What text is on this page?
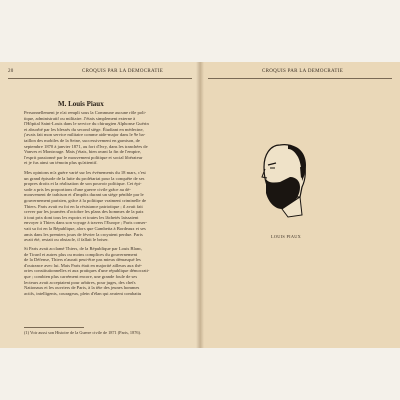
20	CROQUIS PAR LA DEMOCRATIE
M. Louis Piaux
Personnellement je n'ai rempli sous la Commune aucune rôle poli-
tique, administratif ou militaire. J'étais simplement externe à
l'Hôpital Saint-Louis dans le service du chirurgien Alphonse Guérin
et absorbé par les blessés du second siège. Étudiant en médecine,
j'avais fait mon service militaire comme aide-major dans le 9e ba-
taillon des mobiles de la Seine, successivement en garnison, de
septembre 1870 à janvier 1871, au fort d'Ivry, dans les tranchées de
Vanves et Montrouge. Mais j'étais, bien avant la fin de l'empire,
l'esprit passionné par le mouvement politique et social libérateur
et je fus ainsi un témoin plus qu'attentif.
Mes opinions m'a guère varié sur les événements du 18 mars, c'est
un grand épisode de la lutte du prolétariat pour la conquête de ses
propres droits et la réalisation de son pouvoir politique. Cet épi-
sode a pris les proportions d'une guerre civile grâce au dé-
mouvement de trahison et d'impôts durant un siège pénible par le
gouvernement parisien, grâce à la politique vraiment criminelle de
Thiers. Paris avait eu foi en la résistance patriotique ; il avait fait
crever par les journées d'octobre les plans des hommes de la paix
à tout prix dont tous les espoirs et toutes les lâchetés laissaient
envoyer à Thiers dans son voyage à travers l'Europe ; Paris conser-
vait sa foi en la République, alors que Gambetta à Bordeaux et ses
amis dans les premiers jours de février la croyaient perdue. Paris
avait été, restait ou obstacle, il fallait le briser.
Si Paris avait acclamé Thiers, de la République par Louis Blanc,
de Tirard et autres plus ou moins complices du gouvernement
de la Défense, Thiers n'aurait peut-être pas mieux démasqué les
d'outrance avec lui. Mais Paris était en majorité ailleurs aux thé-
ories constitutionnelles et aux pratiques d'une république démocrati-
que ; combien plus carrément encore, une grande foule de ses
lecteurs avait acceptaient pour arbitres, pour juges, des chefs
Nationaux et les ouvriers de Paris, à la tête des jeunes hommes
actifs, intelligents, courageux, plein d'élan qui avaient combattu
(1) Voir aussi son Histoire de la Guerre civile de 1871 (Paris, 1876).
CROQUIS PAR LA DEMOCRATIE
LOUIS PIAUX
